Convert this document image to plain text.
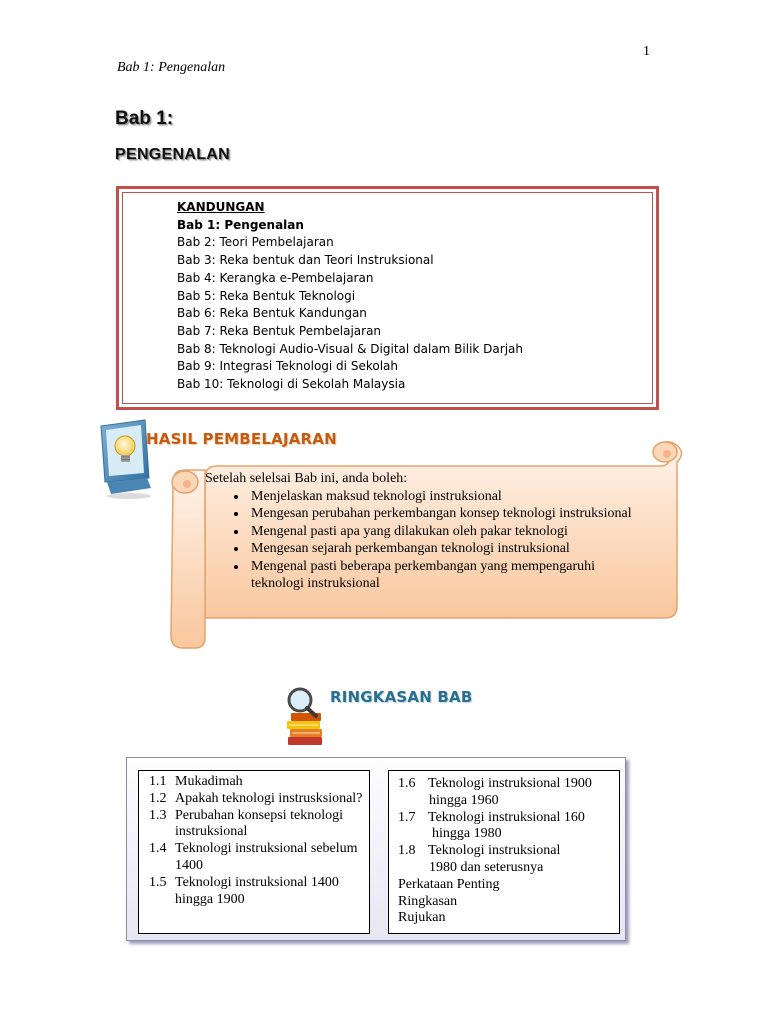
1
Bab 1: Pengenalan
Bab 1:
PENGENALAN
KANDUNGAN
Bab 1: Pengenalan
Bab 2: Teori Pembelajaran
Bab 3: Reka bentuk dan Teori Instruksional
Bab 4: Kerangka e-Pembelajaran
Bab 5: Reka Bentuk Teknologi
Bab 6: Reka Bentuk Kandungan
Bab 7: Reka Bentuk Pembelajaran
Bab 8: Teknologi Audio-Visual & Digital dalam Bilik Darjah
Bab 9: Integrasi Teknologi di Sekolah
Bab 10: Teknologi di Sekolah Malaysia
HASIL PEMBELAJARAN
Setelah selelsai Bab ini, anda boleh:
• Menjelaskan maksud teknologi instruksional
• Mengesan perubahan perkembangan konsep teknologi instruksional
• Mengenal pasti apa yang dilakukan oleh pakar teknologi
• Mengesan sejarah perkembangan teknologi instruksional
• Mengenal pasti beberapa perkembangan yang mempengaruhi teknologi instruksional
RINGKASAN BAB
1.1 Mukadimah
1.2 Apakah teknologi instrusksional?
1.3 Perubahan konsepsi teknologi instruksional
1.4 Teknologi instruksional sebelum 1400
1.5 Teknologi instruksional 1400 hingga 1900
1.6 Teknologi instruksional 1900
hingga 1960
1.7 Teknologi instruksional 160
hingga 1980
1.8 Teknologi instruksional
1980 dan seterusnya
Perkataan Penting
Ringkasan
Rujukan
